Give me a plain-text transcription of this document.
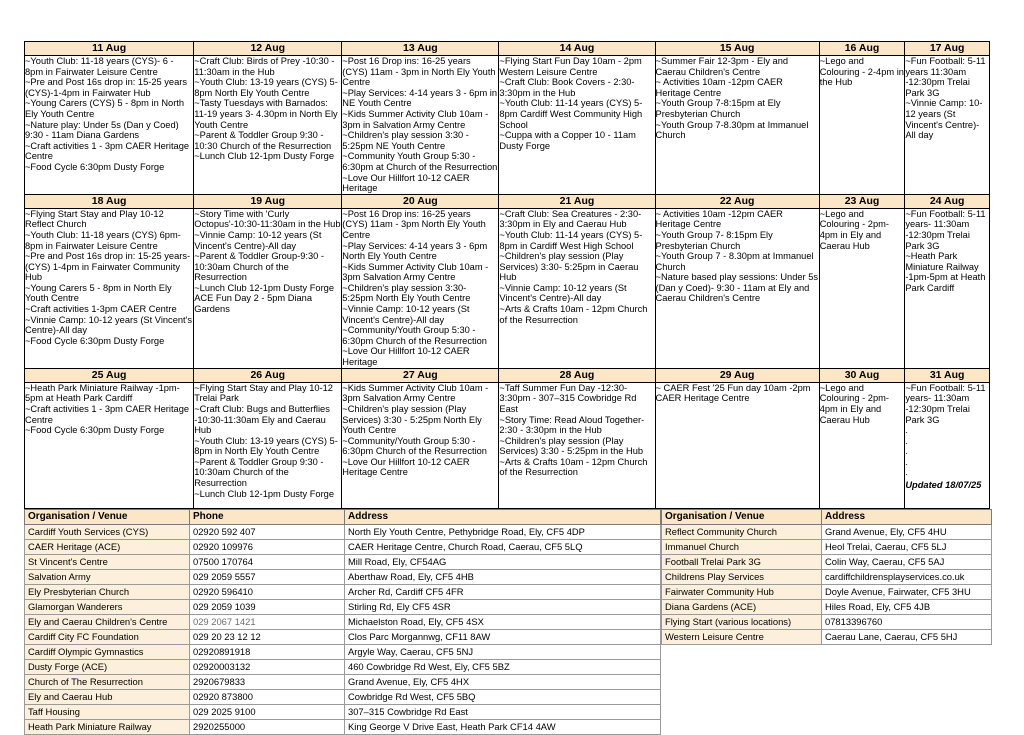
11 Aug	12 Aug	13 Aug	14 Aug	15 Aug	16 Aug	17 Aug

~Youth Club: 11-18 years (CYS)- 6 - 8pm in Fairwater Leisure Centre
~Pre and Post 16s drop in: 15-25 years (CYS)-1-4pm in Fairwater Hub
~Young Carers (CYS) 5 - 8pm in North Ely Youth Centre
~Nature play: Under 5s (Dan y Coed) 9:30 - 11am Diana Gardens
~Craft activities 1 - 3pm CAER Heritage Centre
~Food Cycle 6:30pm Dusty Forge

~Craft Club: Birds of Prey -10:30 - 11:30am in the Hub
~Youth Club: 13-19 years (CYS) 5-8pm North Ely Youth Centre
~Tasty Tuesdays with Barnados: 11-19 years 3- 4.30pm in North Ely Youth Centre
~Parent & Toddler Group 9:30 - 10:30 Church of the Resurrection
~Lunch Club 12-1pm Dusty Forge

~Post 16 Drop ins: 16-25 years (CYS) 11am - 3pm in North Ely Youth Centre
~Play Services: 4-14 years 3 - 6pm in NE Youth Centre
~Kids Summer Activity Club 10am - 3pm in Salvation Army Centre
~Children's play session 3:30 - 5:25pm NE Youth Centre
~Community Youth Group 5:30 - 6:30pm at Church of the Resurrection
~Love Our Hillfort 10-12 CAER Heritage

~Flying Start Fun Day 10am - 2pm Western Leisure Centre
~Craft Club: Book Covers - 2:30-3:30pm in the Hub
~Youth Club: 11-14 years (CYS) 5-8pm Cardiff West Community High School
~Cuppa with a Copper 10 - 11am Dusty Forge

~Summer Fair 12-3pm - Ely and Caerau Children's Centre
~ Activities 10am -12pm CAER Heritage Centre
~Youth Group 7-8:15pm at Ely Presbyterian Church
~Youth Group 7-8.30pm at Immanuel Church

~Lego and Colouring - 2-4pm in the Hub

~Fun Football: 5-11 years 11:30am -12:30pm Trelai Park 3G
~Vinnie Camp: 10-12 years (St Vincent's Centre)-All day

18 Aug	19 Aug	20 Aug	21 Aug	22 Aug	23 Aug	24 Aug

~Flying Start Stay and Play 10-12 Reflect Church
~Youth Club: 11-18 years (CYS) 6pm-8pm in Fairwater Leisure Centre
~Pre and Post 16s drop in: 15-25 years-(CYS) 1-4pm in Fairwater Community Hub
~Young Carers 5 - 8pm in North Ely Youth Centre
~Craft activities 1-3pm CAER Centre
~Vinnie Camp: 10-12 years (St Vincent's Centre)-All day
~Food Cycle 6:30pm Dusty Forge

~Story Time with 'Curly Octopus'-10:30-11:30am in the Hub
~Vinnie Camp: 10-12 years (St Vincent's Centre)-All day
~Parent & Toddler Group-9:30 - 10:30am Church of the Resurrection
~Lunch Club 12-1pm Dusty Forge
ACE Fun Day 2 - 5pm Diana Gardens

~Post 16 Drop ins: 16-25 years (CYS) 11am - 3pm North Ely Youth Centre
~Play Services: 4-14 years 3 - 6pm North Ely Youth Centre
~Kids Summer Activity Club 10am - 3pm Salvation Army Centre
~Children's play session 3:30- 5:25pm North Ely Youth Centre
~Vinnie Camp: 10-12 years (St Vincent's Centre)-All day
~Community/Youth Group 5:30 - 6:30pm Church of the Resurrection
~Love Our Hillfort 10-12 CAER Heritage

~Craft Club: Sea Creatures - 2:30-3:30pm in Ely and Caerau Hub
~Youth Club: 11-14 years (CYS) 5-8pm in Cardiff West High School
~Children's play session (Play Services) 3:30- 5:25pm in Caerau Hub
~Vinnie Camp: 10-12 years (St Vincent's Centre)-All day
~Arts & Crafts 10am - 12pm Church of the Resurrection

~ Activities 10am -12pm CAER Heritage Centre
~Youth Group 7- 8:15pm Ely Presbyterian Church
~Youth Group 7 - 8.30pm at Immanuel Church
~Nature based play sessions: Under 5s (Dan y Coed)- 9:30 - 11am at Ely and Caerau Children's Centre

~Lego and Colouring - 2pm-4pm in Ely and Caerau Hub

~Fun Football: 5-11 years- 11:30am -12:30pm Trelai Park 3G
~Heath Park Miniature Railway -1pm-5pm at Heath Park Cardiff

25 Aug	26 Aug	27 Aug	28 Aug	29 Aug	30 Aug	31 Aug

~Heath Park Miniature Railway -1pm-5pm at Heath Park Cardiff
~Craft activities 1 - 3pm CAER Heritage Centre
~Food Cycle 6:30pm Dusty Forge

~Flying Start Stay and Play 10-12 Trelai Park
~Craft Club: Bugs and Butterflies -10:30-11:30am Ely and Caerau Hub
~Youth Club: 13-19 years (CYS) 5-8pm in North Ely Youth Centre
~Parent & Toddler Group 9:30 - 10:30am Church of the Resurrection
~Lunch Club 12-1pm Dusty Forge

~Kids Summer Activity Club 10am - 3pm Salvation Army Centre
~Children's play session (Play Services) 3:30 - 5:25pm North Ely Youth Centre
~Community/Youth Group 5:30 - 6:30pm Church of the Resurrection
~Love Our Hillfort 10-12 CAER Heritage Centre

~Taff Summer Fun Day -12:30-3:30pm - 307–315 Cowbridge Rd East
~Story Time: Read Aloud Together- 2:30 - 3:30pm in the Hub
~Children's play session (Play Services) 3:30 - 5:25pm in the Hub
~Arts & Crafts 10am - 12pm Church of the Resurrection

~ CAER Fest '25 Fun day 10am -2pm CAER Heritage Centre

~Lego and Colouring - 2pm-4pm in Ely and Caerau Hub

~Fun Football: 5-11 years- 11:30am -12:30pm Trelai Park 3G
.
.
.
.
.
Updated 18/07/25
Organisation / Venue	Phone	Address
Cardiff Youth Services (CYS)	02920 592 407	North Ely Youth Centre, Pethybridge Road, Ely, CF5 4DP
CAER Heritage (ACE)	02920 109976	CAER Heritage Centre, Church Road, Caerau, CF5 5LQ
St Vincent's Centre	07500 170764	Mill Road, Ely, CF54AG
Salvation Army	029 2059 5557	Aberthaw Road, Ely, CF5 4HB
Ely Presbyterian Church	02920 596410	Archer Rd, Cardiff CF5 4FR
Glamorgan Wanderers	029 2059 1039	Stirling Rd, Ely CF5 4SR
Ely and Caerau Children's Centre	029 2067 1421	Michaelston Road, Ely, CF5 4SX
Cardiff City FC Foundation	029 20 23 12 12	Clos Parc Morgannwg, CF11 8AW
Cardiff Olympic Gymnastics	02920891918	Argyle Way, Caerau, CF5 5NJ
Dusty Forge (ACE)	02920003132	460 Cowbridge Rd West, Ely, CF5 5BZ
Church of The Resurrection	2920679833	Grand Avenue, Ely, CF5 4HX
Ely and Caerau Hub	02920 873800	Cowbridge Rd West, CF5 5BQ
Taff Housing	029 2025 9100	307–315 Cowbridge Rd East
Heath Park Miniature Railway	2920255000	King George V Drive East, Heath Park CF14 4AW
Organisation / Venue	Address
Reflect Community Church	Grand Avenue, Ely, CF5 4HU
Immanuel Church	Heol Trelai, Caerau, CF5 5LJ
Football Trelai Park 3G	Colin Way, Caerau, CF5 5AJ
Childrens Play Services	cardiffchildrensplayservices.co.uk
Fairwater Community Hub	Doyle Avenue, Fairwater, CF5 3HU
Diana Gardens (ACE)	Hiles Road, Ely, CF5 4JB
Flying Start (various locations)	07813396760
Western Leisure Centre	Caerau Lane, Caerau, CF5 5HJ
